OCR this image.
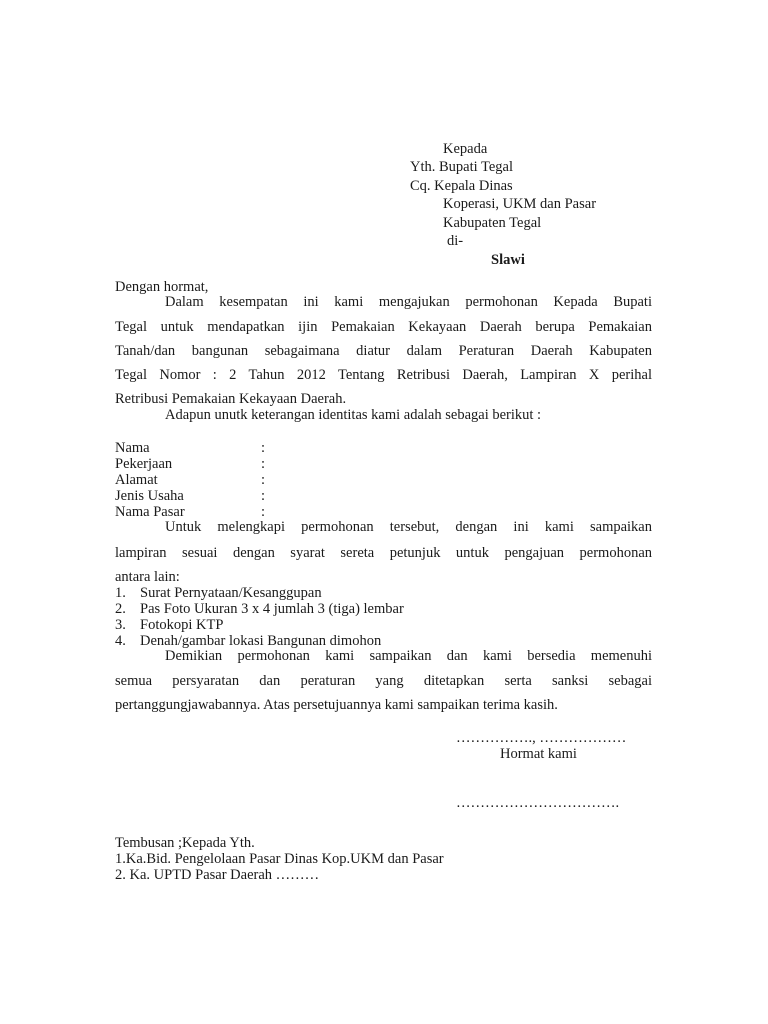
Kepada
Yth. Bupati Tegal
Cq. Kepala Dinas
Koperasi, UKM dan Pasar
Kabupaten Tegal
di-
Slawi
Dengan hormat,
Dalam kesempatan ini kami mengajukan permohonan Kepada Bupati
Tegal untuk mendapatkan ijin Pemakaian Kekayaan Daerah berupa Pemakaian
Tanah/dan bangunan sebagaimana diatur dalam Peraturan Daerah Kabupaten
Tegal Nomor : 2 Tahun 2012 Tentang Retribusi Daerah, Lampiran X perihal
Retribusi Pemakaian Kekayaan Daerah.
Adapun unutk keterangan identitas kami adalah sebagai berikut :
Nama	:
Pekerjaan	:
Alamat	:
Jenis Usaha	:
Nama Pasar	:
Untuk melengkapi permohonan tersebut, dengan ini kami sampaikan
lampiran sesuai dengan syarat sereta petunjuk untuk pengajuan permohonan
antara lain:
1. Surat Pernyataan/Kesanggupan
2. Pas Foto Ukuran 3 x 4 jumlah 3 (tiga) lembar
3. Fotokopi KTP
4. Denah/gambar lokasi Bangunan dimohon
Demikian permohonan kami sampaikan dan kami bersedia memenuhi
semua persyaratan dan peraturan yang ditetapkan serta sanksi sebagai
pertanggungjawabannya. Atas persetujuannya kami sampaikan terima kasih.
……………., ………………
Hormat kami
…………………………….
Tembusan ;Kepada Yth.
1.Ka.Bid. Pengelolaan Pasar Dinas Kop.UKM dan Pasar
2. Ka. UPTD Pasar Daerah ………
